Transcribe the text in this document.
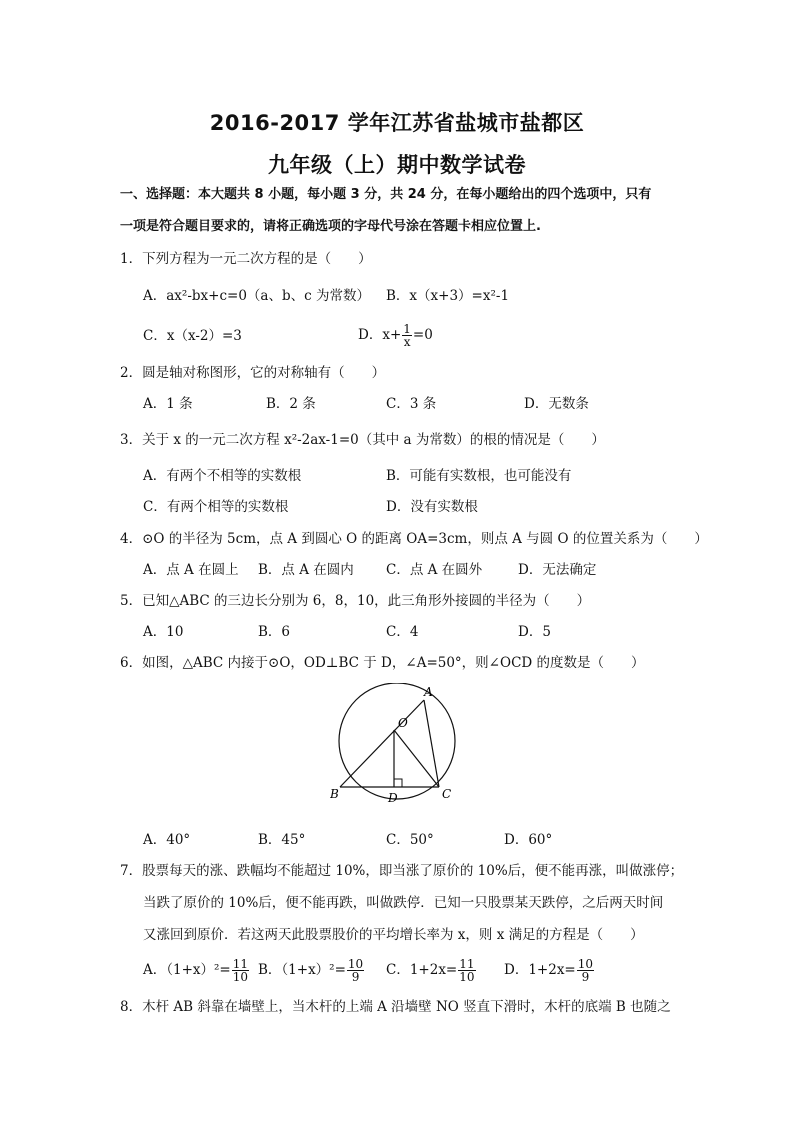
2016-2017 学年江苏省盐城市盐都区
九年级（上）期中数学试卷
一、选择题：本大题共 8 小题，每小题 3 分，共 24 分，在每小题给出的四个选项中，只有
一项是符合题目要求的，请将正确选项的字母代号涂在答题卡相应位置上.
1．下列方程为一元二次方程的是（　　）
A．ax²-bx+c=0（a、b、c 为常数） B．x（x+3）=x²-1
C．x（x-2）=3	D．$x+ \frac{1}{x} =0$
2．圆是轴对称图形，它的对称轴有（　　）
A．1 条	B．2 条	C．3 条	D．无数条
3．关于 x 的一元二次方程 x²-2ax-1=0（其中 a 为常数）的根的情况是（　　）
A．有两个不相等的实数根	B．可能有实数根，也可能没有
C．有两个相等的实数根	D．没有实数根
4．⊙O 的半径为 5cm，点 A 到圆心 O 的距离 OA=3cm，则点 A 与圆 O 的位置关系为（　　）
A．点 A 在圆上 B．点 A 在圆内 C．点 A 在圆外	D．无法确定
5．已知△ABC 的三边长分别为 6，8，10，此三角形外接圆的半径为（　　）
A．10	B．6	C．4	D．5
6．如图，△ABC 内接于⊙O，OD⊥BC 于 D，∠A=50°，则∠OCD 的度数是（　　）
A
O
B	D	C
A．40°	B．45°	C．50°	D．60°
7．股票每天的涨、跌幅均不能超过 10%，即当涨了原价的 10%后，便不能再涨，叫做涨停；
当跌了原价的 10%后，便不能再跌，叫做跌停．已知一只股票某天跌停，之后两天时间
又涨回到原价．若这两天此股票股价的平均增长率为 x，则 x 满足的方程是（　　）
A．$(1+x)^2= \frac{11}{10}$ B．$(1+x)^2= \frac{10}{9}$ C．$1+2x= \frac{11}{10}$ D．$1+2x= \frac{10}{9}$
8．木杆 AB 斜靠在墙壁上，当木杆的上端 A 沿墙壁 NO 竖直下滑时，木杆的底端 B 也随之
